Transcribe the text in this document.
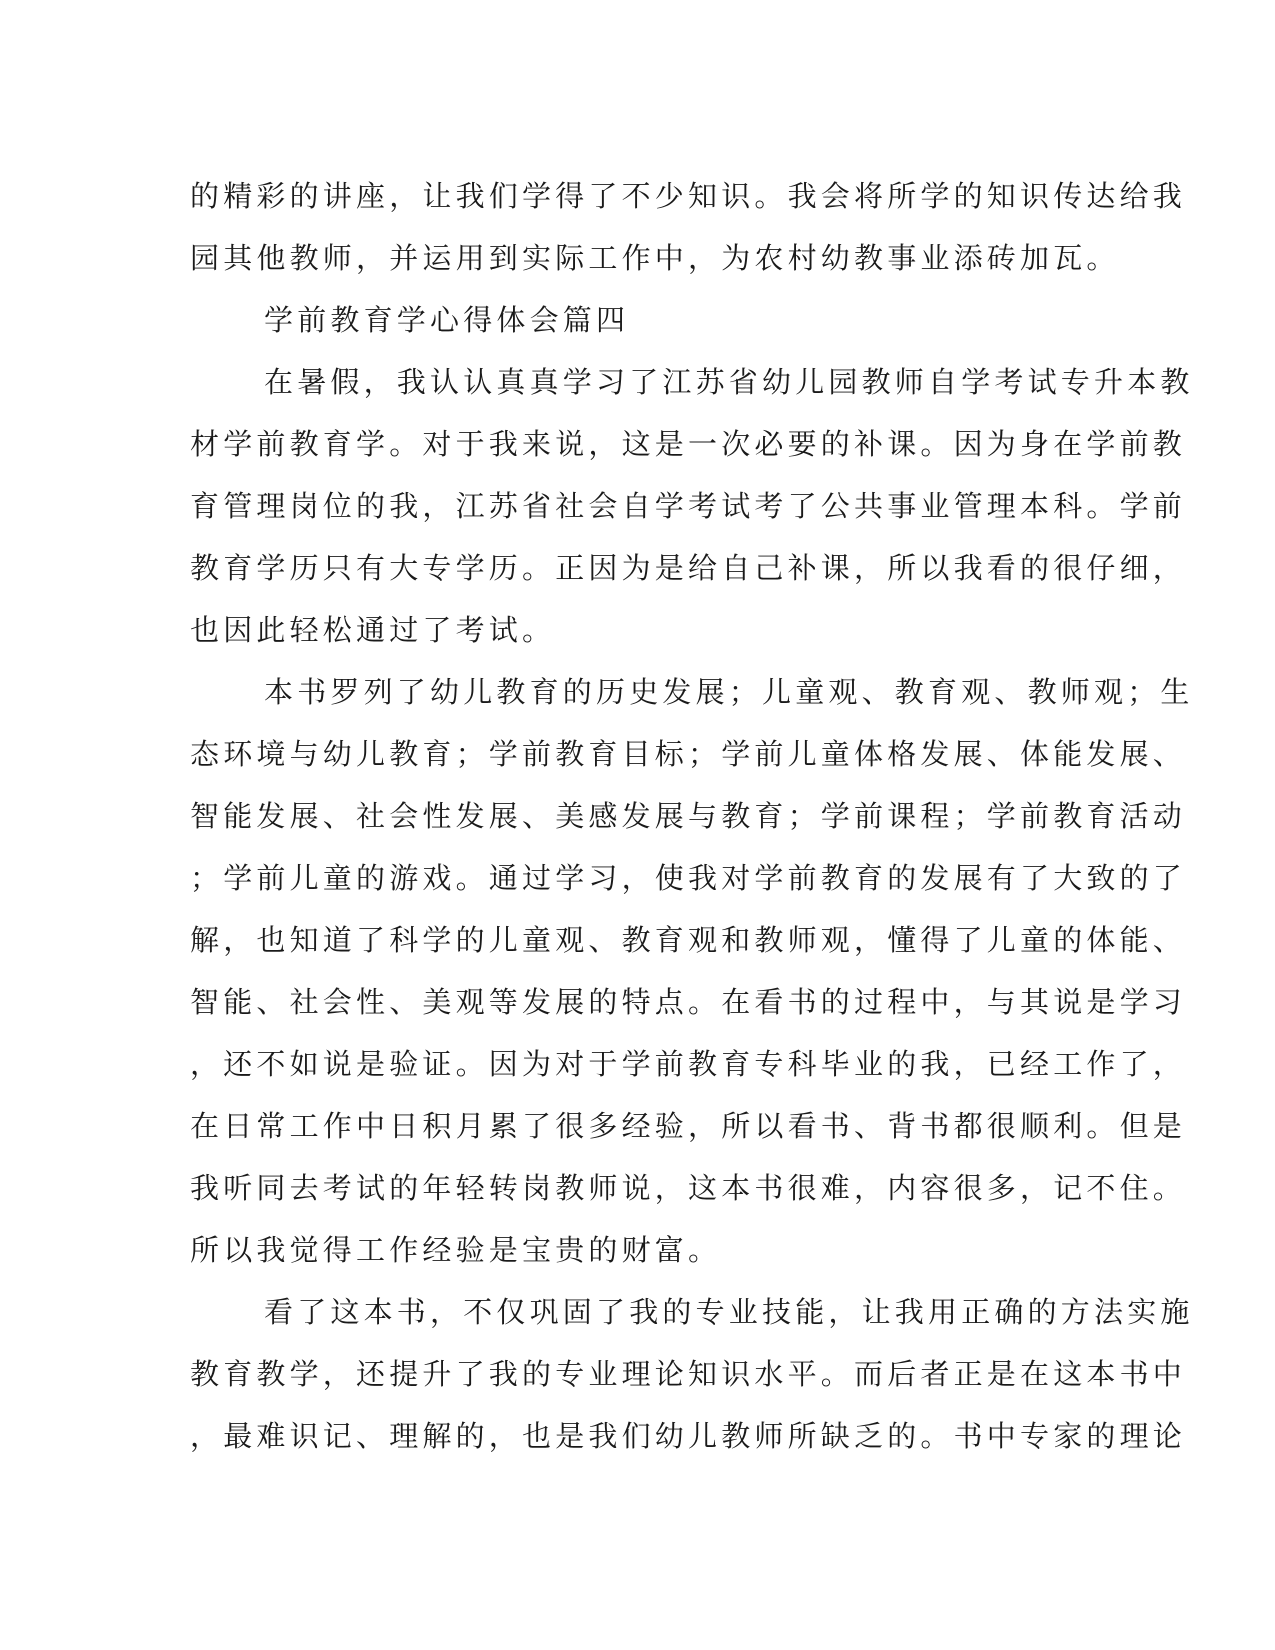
的精彩的讲座，让我们学得了不少知识。我会将所学的知识传达给我
园其他教师，并运用到实际工作中，为农村幼教事业添砖加瓦。
学前教育学心得体会篇四
在暑假，我认认真真学习了江苏省幼儿园教师自学考试专升本教
材学前教育学。对于我来说，这是一次必要的补课。因为身在学前教
育管理岗位的我，江苏省社会自学考试考了公共事业管理本科。学前
教育学历只有大专学历。正因为是给自己补课，所以我看的很仔细，
也因此轻松通过了考试。
本书罗列了幼儿教育的历史发展；儿童观、教育观、教师观；生
态环境与幼儿教育；学前教育目标；学前儿童体格发展、体能发展、
智能发展、社会性发展、美感发展与教育；学前课程；学前教育活动
；学前儿童的游戏。通过学习，使我对学前教育的发展有了大致的了
解，也知道了科学的儿童观、教育观和教师观，懂得了儿童的体能、
智能、社会性、美观等发展的特点。在看书的过程中，与其说是学习
，还不如说是验证。因为对于学前教育专科毕业的我，已经工作了，
在日常工作中日积月累了很多经验，所以看书、背书都很顺利。但是
我听同去考试的年轻转岗教师说，这本书很难，内容很多，记不住。
所以我觉得工作经验是宝贵的财富。
看了这本书，不仅巩固了我的专业技能，让我用正确的方法实施
教育教学，还提升了我的专业理论知识水平。而后者正是在这本书中
，最难识记、理解的，也是我们幼儿教师所缺乏的。书中专家的理论
